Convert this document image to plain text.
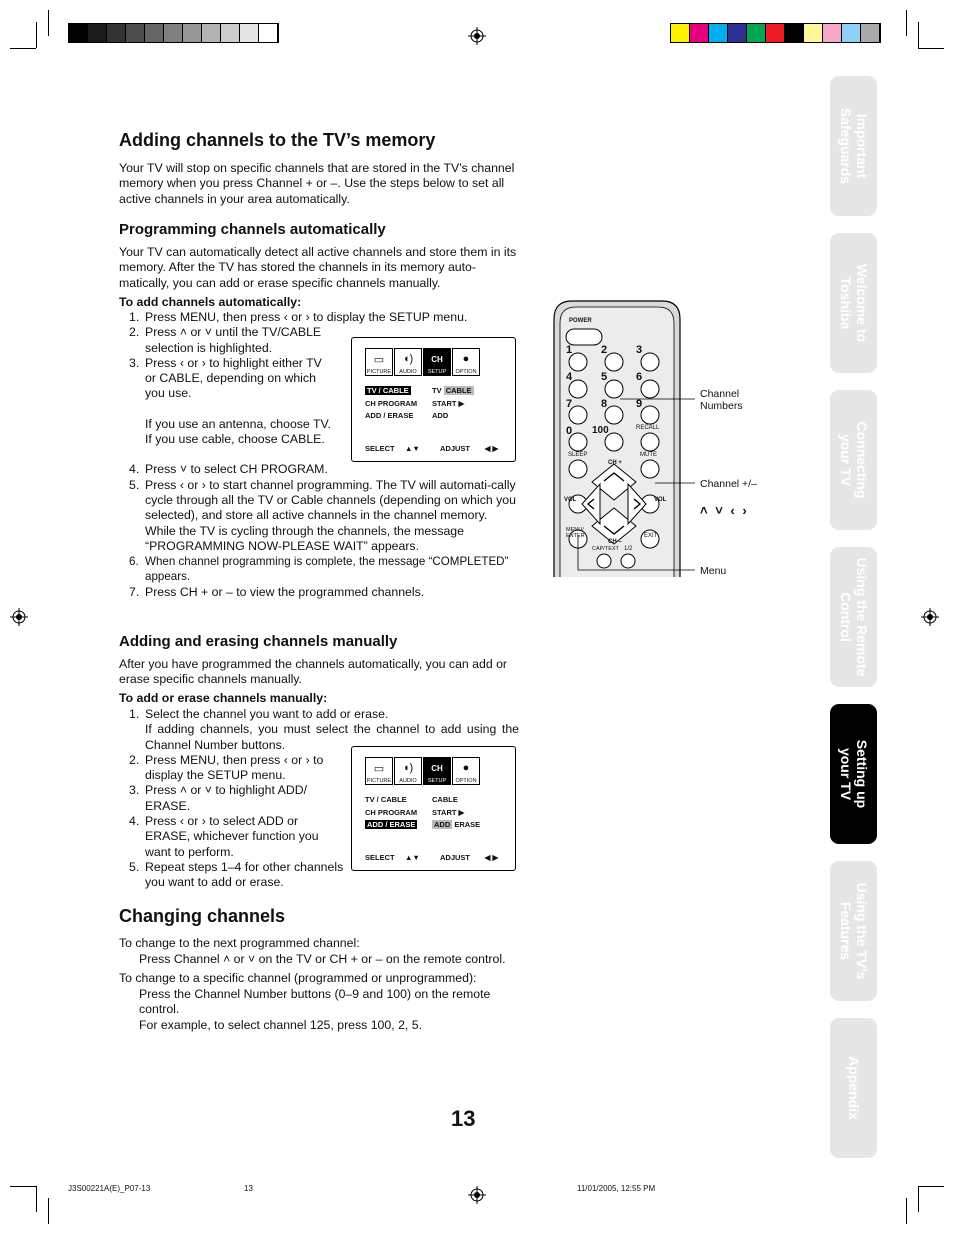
Adding channels to the TV’s memory

Your TV will stop on specific channels that are stored in the TV’s channel memory when you press Channel + or –. Use the steps below to set all active channels in your area automatically.

Programming channels automatically

Your TV can automatically detect all active channels and store them in its memory. After the TV has stored the channels in its memory auto-matically, you can add or erase specific channels manually.

To add channels automatically:

1. Press MENU, then press ‹ or › to display the SETUP menu.
2. Press ˄ or ˅ until the TV/CABLE selection is highlighted.
3. Press ‹ or › to highlight either TV or CABLE, depending on which you use.
If you use an antenna, choose TV.
If you use cable, choose CABLE.
4. Press ˅ to select CH PROGRAM.
5. Press ‹ or › to start channel programming. The TV will automati-cally cycle through all the TV or Cable channels (depending on which you selected), and store all active channels in the channel memory.
While the TV is cycling through the channels, the message “PROGRAMMING NOW-PLEASE WAIT” appears.
6. When channel programming is complete, the message “COMPLETED” appears.
7. Press CH + or – to view the programmed channels.
▭
PICTURE
◖)
AUDIO
CH
SETUP
●
OPTION
TV / CABLE	TV CABLE
CH PROGRAM START ▶
ADD / ERASE ADD
SELECT     ▲▼	ADJUST       ◀ ▶
Adding and erasing channels manually

After you have programmed the channels automatically, you can add or erase specific channels manually.

To add or erase channels manually:

1. Select the channel you want to add or erase.
If adding channels, you must select the channel to add using the Channel Number buttons.
2. Press MENU, then press ‹ or › to display the SETUP menu.
3. Press ˄ or ˅ to highlight ADD/ ERASE.
4. Press ‹ or › to select ADD or ERASE, whichever function you want to perform.
5. Repeat steps 1–4 for other channels you want to add or erase.
▭
PICTURE
◖)
AUDIO
CH
SETUP
●
OPTION
TV / CABLE	CABLE
CH PROGRAM START ▶
ADD / ERASE ADD ERASE
SELECT     ▲▼	ADJUST       ◀ ▶
Changing channels

To change to the next programmed channel:

Press Channel ˄ or ˅ on the TV or CH + or – on the remote control.

To change to a specific channel (programmed or unprogrammed):

Press the Channel Number buttons (0–9 and 100) on the remote control.

For example, to select channel 125, press 100, 2, 5.

POWER
1	2	3
4	5	6
7	8	9
0 100	RECALL
SLEEP	MUTE
CH +
CH –
VOL	VOL
MENU/ ENTER	EXIT
CAP/TEXT 1/2
Channel Numbers
Channel +/–
˄ ˅ ‹ ›
Menu
Important Safeguards
Welcome to Toshiba
Connecting your TV
Using the Remote Control
Setting up your TV
Using the TV’s Features
Appendix
13
J3S00221A(E)_P07-13	13	11/01/2005, 12:55 PM
